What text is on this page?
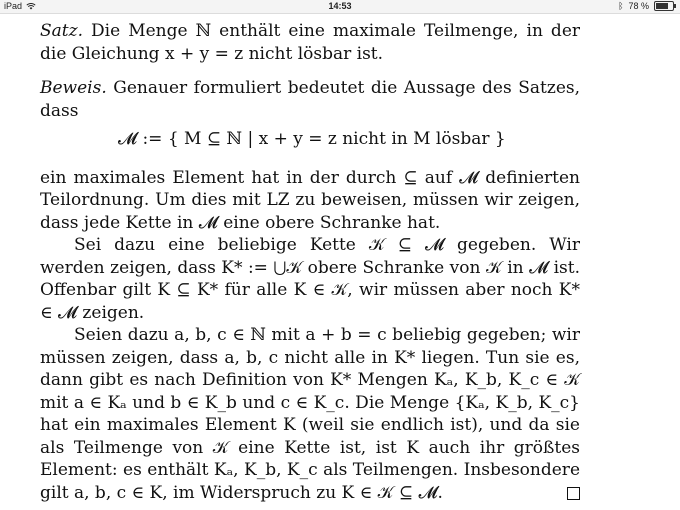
iPad	14:53	ᛒ 78 %
Satz. Die Menge ℕ enthält eine maximale Teilmenge, in der die Gleichung x + y = z nicht lösbar ist.
Beweis. Genauer formuliert bedeutet die Aussage des Satzes, dass
𝓜 := { M ⊆ ℕ | x + y = z nicht in M lösbar }
ein maximales Element hat in der durch ⊆ auf 𝓜 definierten Teilordnung. Um dies mit LZ zu beweisen, müssen wir zeigen, dass jede Kette in 𝓜 eine obere Schranke hat.
Sei dazu eine beliebige Kette 𝒦 ⊆ 𝓜 gegeben. Wir werden zeigen, dass K* := ⋃𝒦 obere Schranke von 𝒦 in 𝓜 ist. Offenbar gilt K ⊆ K* für alle K ∈ 𝒦, wir müssen aber noch K* ∈ 𝓜 zeigen.
Seien dazu a, b, c ∈ ℕ mit a + b = c beliebig gegeben; wir müssen zeigen, dass a, b, c nicht alle in K* liegen. Tun sie es, dann gibt es nach Definition von K* Mengen Kₐ, K_b, K_c ∈ 𝒦 mit a ∈ Kₐ und b ∈ K_b und c ∈ K_c. Die Menge {Kₐ, K_b, K_c} hat ein maximales Element K (weil sie endlich ist), und da sie als Teilmenge von 𝒦 eine Kette ist, ist K auch ihr größtes Element: es enthält Kₐ, K_b, K_c als Teilmengen. Insbesondere gilt a, b, c ∈ K, im Widerspruch zu K ∈ 𝒦 ⊆ 𝓜.
